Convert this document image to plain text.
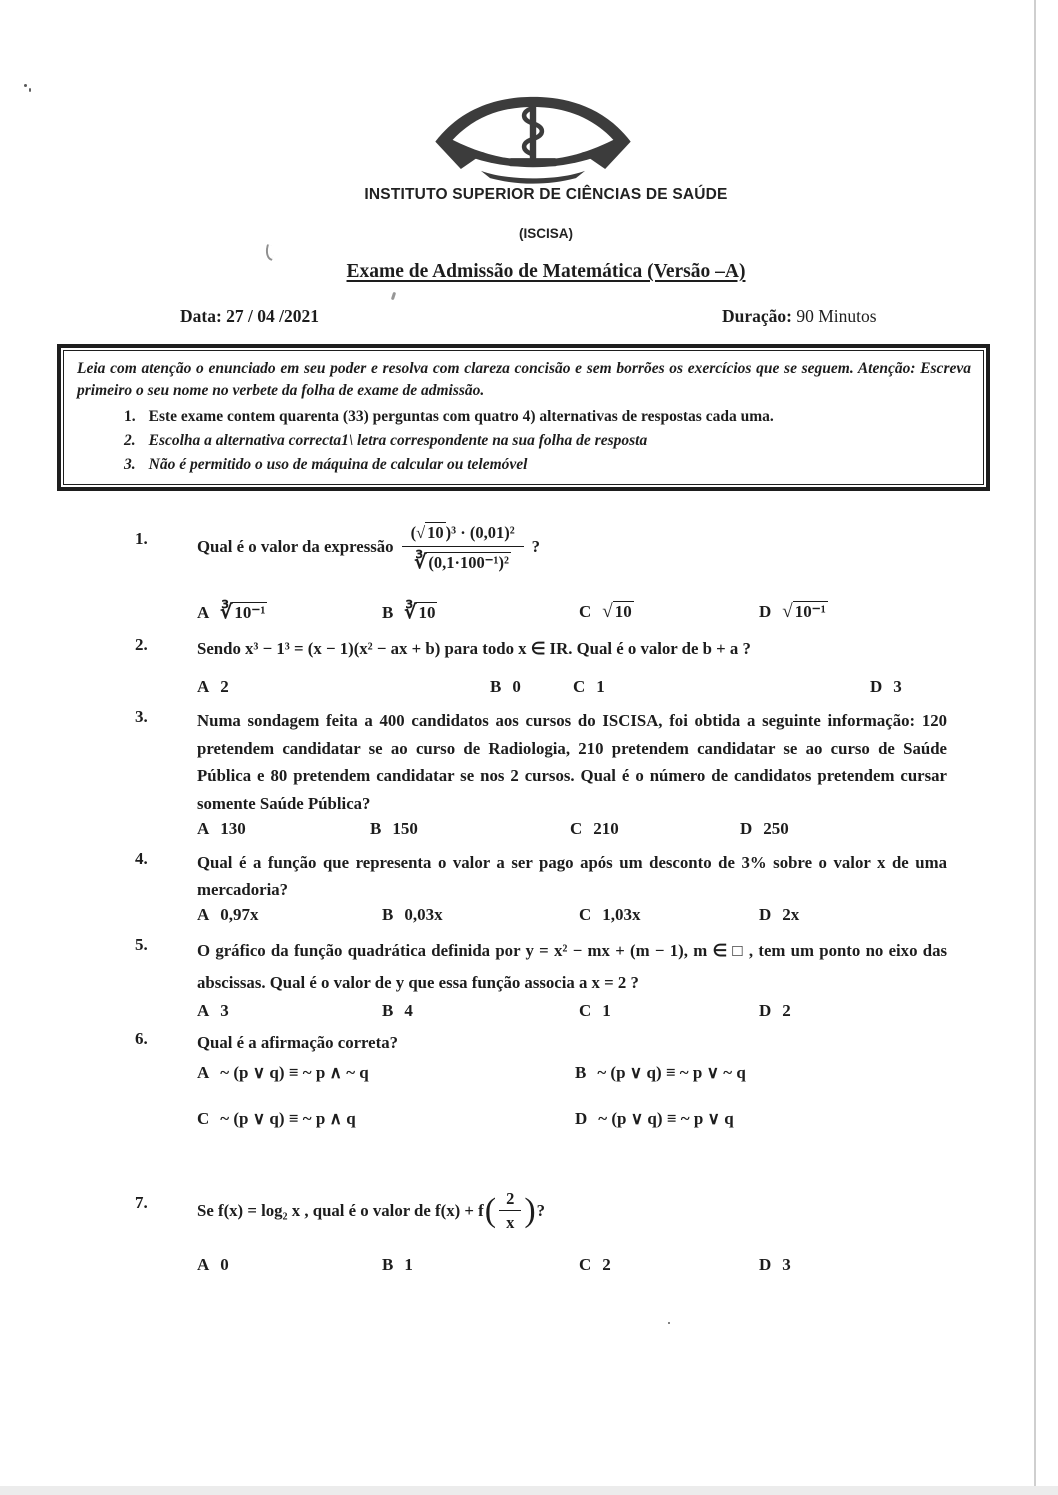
INSTITUTO SUPERIOR DE CIÊNCIAS DE SAÚDE
(ISCISA)
Exame de Admissão de Matemática (Versão –A)
Data: 27 / 04 /2021	Duração: 90 Minutos

Leia com atenção o enunciado em seu poder e resolva com clareza concisão e sem borrões os exercícios que se seguem. Atenção: Escreva primeiro o seu nome no verbete da folha de exame de admissão.

1. Este exame contem quarenta (33) perguntas com quatro 4) alternativas de respostas cada uma.
2. Escolha a alternativa correcta1\ letra correspondente na sua folha de resposta
3. Não é permitido o uso de máquina de calcular ou telemóvel
1.	Qual é o valor da expressão $\frac{\text{(√ 10 )³ · (0,01)²}}{\text{∛ (0,1·100⁻¹)²}}$ ?
A ∛ 10⁻¹	B ∛ 10	C √ 10	D √ 10⁻¹
2.	Sendo x³ − 1³ = (x − 1)(x² − ax + b) para todo x ∈ IR. Qual é o valor de b + a ?
A 2	B 0	C 1	D 3
3.	Numa sondagem feita a 400 candidatos aos cursos do ISCISA, foi obtida a seguinte informação: 120 pretendem candidatar se ao curso de Radiologia, 210 pretendem candidatar se ao curso de Saúde Pública e 80 pretendem candidatar se nos 2 cursos. Qual é o número de candidatos pretendem cursar somente Saúde Pública?
A 130	B 150	C 210	D 250
4.	Qual é a função que representa o valor a ser pago após um desconto de 3% sobre o valor x de uma mercadoria?
A 0,97x	B 0,03x	C 1,03x	D 2x
5.	O gráfico da função quadrática definida por y = x² − mx + (m − 1), m ∈ □ , tem um ponto no eixo das abscissas. Qual é o valor de y que essa função associa a x = 2 ?
A 3	B 4	C 1	D 2
6.	Qual é a afirmação correta?
A ~ (p ∨ q) ≡ ~ p ∧ ~ q	B ~ (p ∨ q) ≡ ~ p ∨ ~ q
C ~ (p ∨ q) ≡ ~ p ∧ q	D ~ (p ∨ q) ≡ ~ p ∨ q
7.	Se f(x) = log₂ x , qual é o valor de f(x) + f ( $\frac{2}{x}$ ) ?
A 0	B 1	C 2	D 3
